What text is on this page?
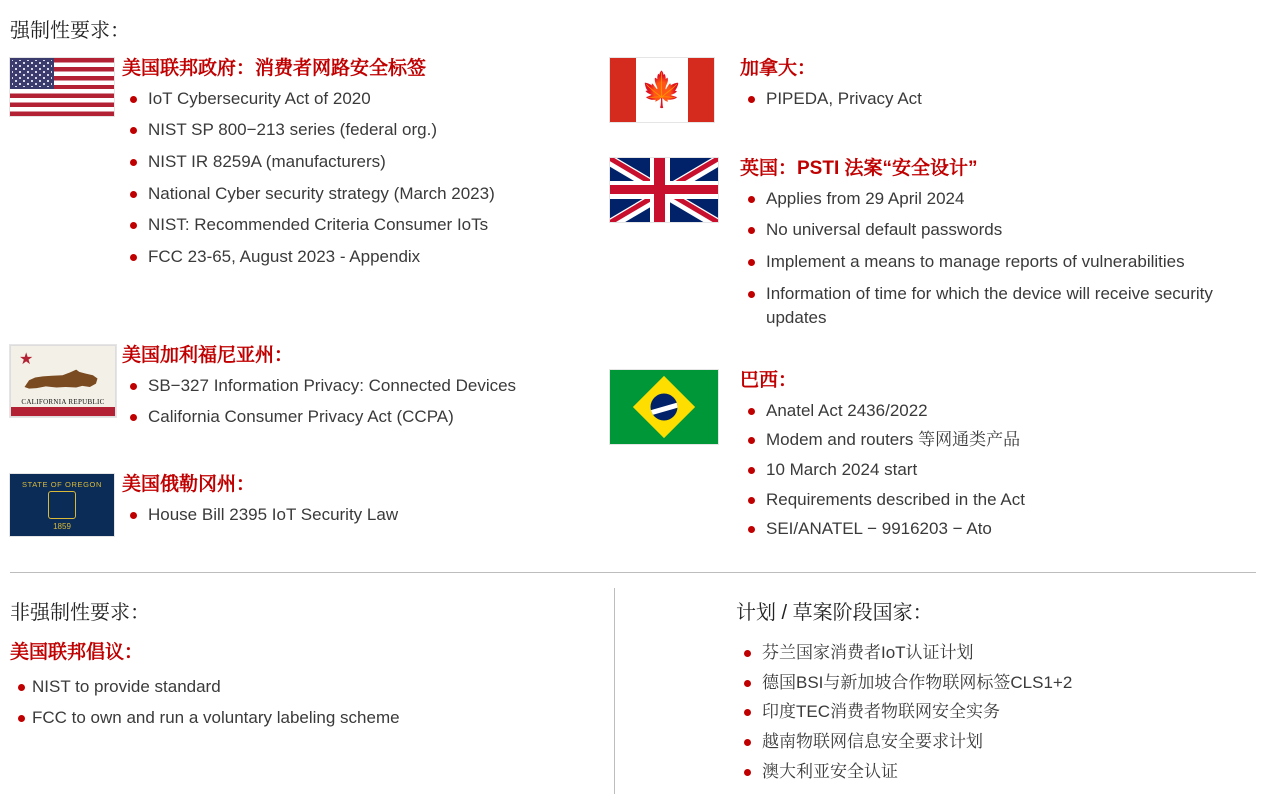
强制性要求：
美国联邦政府：消费者网路安全标签
IoT Cybersecurity Act of 2020
NIST SP 800−213 series (federal org.)
NIST IR 8259A (manufacturers)
National Cyber security strategy (March 2023)
NIST: Recommended Criteria Consumer IoTs
FCC 23-65, August 2023 - Appendix
★
CALIFORNIA REPUBLIC
美国加利福尼亚州：
SB−327 Information Privacy: Connected Devices
California Consumer Privacy Act (CCPA)
STATE OF OREGON
1859
美国俄勒冈州：
House Bill 2395 IoT Security Law
🍁
加拿大：
PIPEDA, Privacy Act
英国：PSTI 法案“安全设计”
Applies from 29 April 2024
No universal default passwords
Implement a means to manage reports of vulnerabilities
Information of time for which the device will receive security updates
巴西：
Anatel Act 2436/2022
Modem and routers 等网通类产品
10 March 2024 start
Requirements described in the Act
SEI/ANATEL − 9916203 − Ato
非强制性要求：
美国联邦倡议：
NIST to provide standard
FCC to own and run a voluntary labeling scheme
计划 / 草案阶段国家：
芬兰国家消费者IoT认证计划
德国BSI与新加坡合作物联网标签CLS1+2
印度TEC消费者物联网安全实务
越南物联网信息安全要求计划
澳大利亚安全认证
